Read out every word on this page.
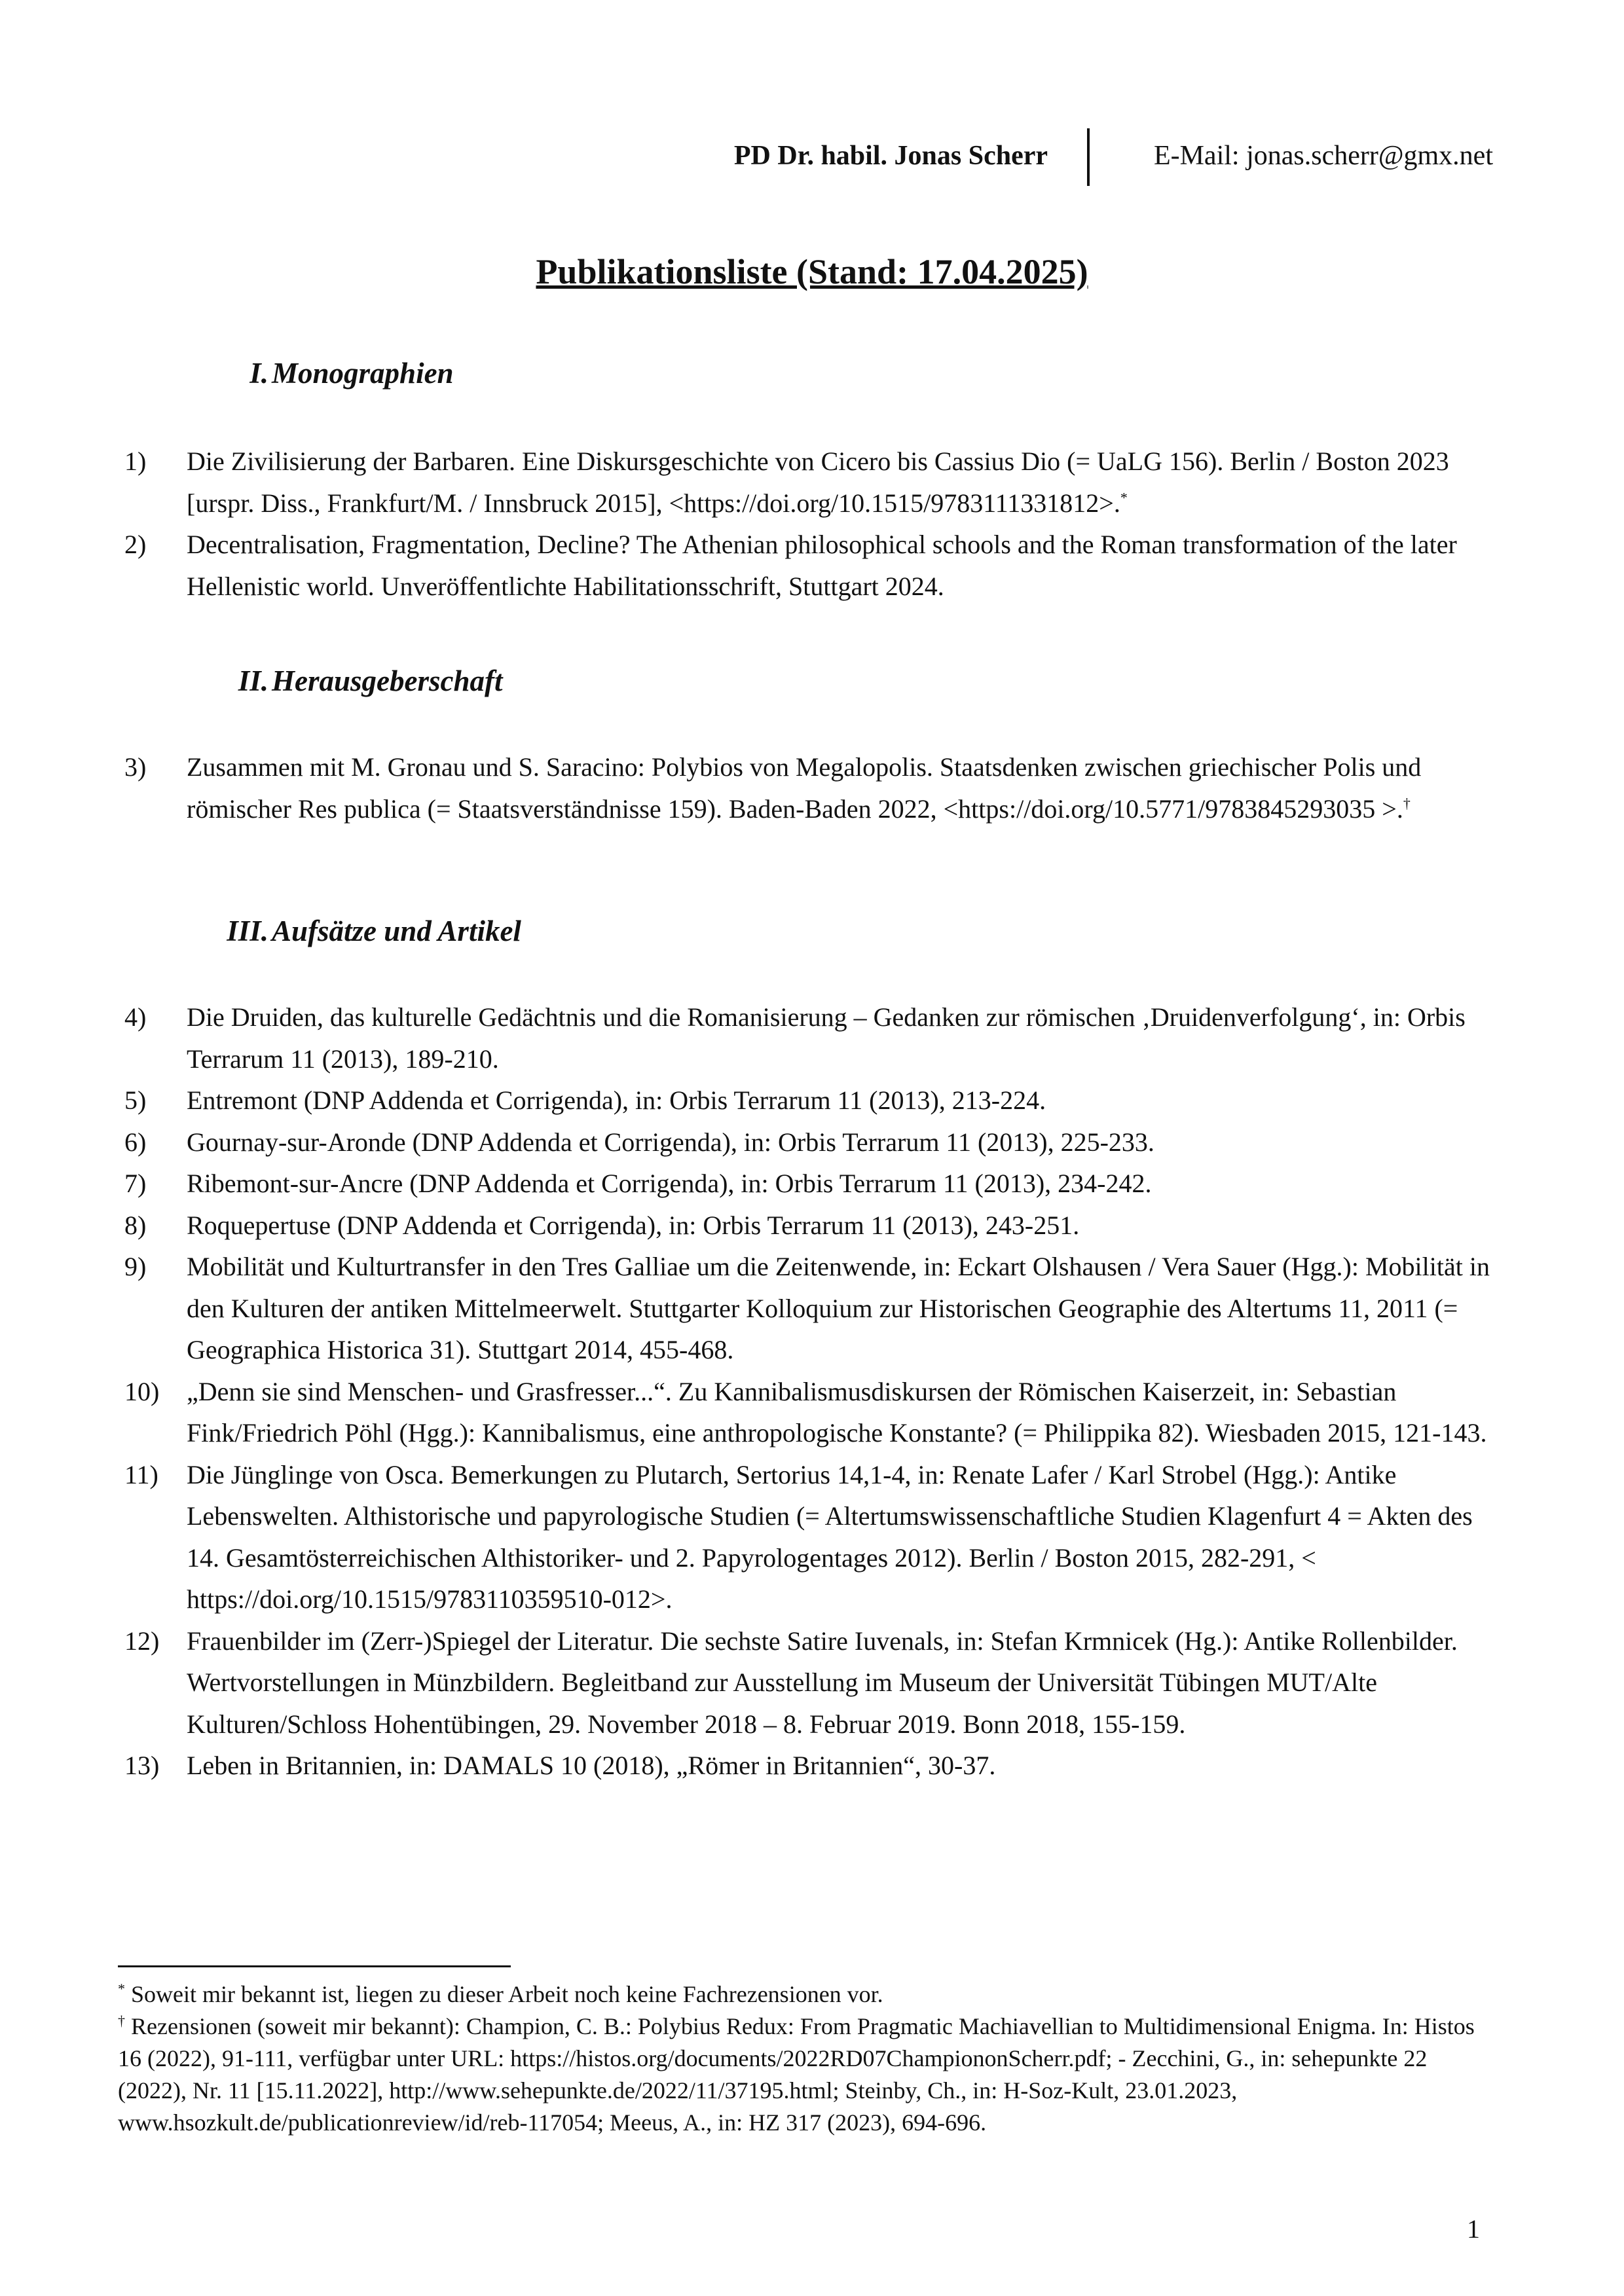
PD Dr. habil. Jonas Scherr	E-Mail: jonas.scherr@gmx.net
Publikationsliste (Stand: 17.04.2025)
I. Monographien
1)	Die Zivilisierung der Barbaren. Eine Diskursgeschichte von Cicero bis Cassius Dio (= UaLG 156). Berlin / Boston 2023 [urspr. Diss., Frankfurt/M. / Innsbruck 2015], <https://doi.org/10.1515/9783111331812>.*
2)	Decentralisation, Fragmentation, Decline? The Athenian philosophical schools and the Roman transformation of the later Hellenistic world. Unveröffentlichte Habilitationsschrift, Stuttgart 2024.
II. Herausgeberschaft
3)	Zusammen mit M. Gronau und S. Saracino: Polybios von Megalopolis. Staatsdenken zwischen griechischer Polis und römischer Res publica (= Staatsverständnisse 159). Baden-Baden 2022, <https://doi.org/10.5771/9783845293035 >.†
III. Aufsätze und Artikel
4)	Die Druiden, das kulturelle Gedächtnis und die Romanisierung – Gedanken zur römischen ‚Druidenverfolgung‘, in: Orbis Terrarum 11 (2013), 189-210.
5)	Entremont (DNP Addenda et Corrigenda), in: Orbis Terrarum 11 (2013), 213-224.
6)	Gournay-sur-Aronde (DNP Addenda et Corrigenda), in: Orbis Terrarum 11 (2013), 225-233.
7)	Ribemont-sur-Ancre (DNP Addenda et Corrigenda), in: Orbis Terrarum 11 (2013), 234-242.
8)	Roquepertuse (DNP Addenda et Corrigenda), in: Orbis Terrarum 11 (2013), 243-251.
9)	Mobilität und Kulturtransfer in den Tres Galliae um die Zeitenwende, in: Eckart Olshausen / Vera Sauer (Hgg.): Mobilität in den Kulturen der antiken Mittelmeerwelt. Stuttgarter Kolloquium zur Historischen Geographie des Altertums 11, 2011 (= Geographica Historica 31). Stuttgart 2014, 455-468.
10)	„Denn sie sind Menschen- und Grasfresser...“. Zu Kannibalismusdiskursen der Römischen Kaiserzeit, in: Sebastian Fink/Friedrich Pöhl (Hgg.): Kannibalismus, eine anthropologische Konstante? (= Philippika 82). Wiesbaden 2015, 121-143.
11)	Die Jünglinge von Osca. Bemerkungen zu Plutarch, Sertorius 14,1-4, in: Renate Lafer / Karl Strobel (Hgg.): Antike Lebenswelten. Althistorische und papyrologische Studien (= Altertumswissenschaftliche Studien Klagenfurt 4 = Akten des 14. Gesamtösterreichischen Althistoriker- und 2. Papyrologentages 2012). Berlin / Boston 2015, 282-291, < https://doi.org/10.1515/9783110359510-012>.
12)	Frauenbilder im (Zerr-)Spiegel der Literatur. Die sechste Satire Iuvenals, in: Stefan Krmnicek (Hg.): Antike Rollenbilder. Wertvorstellungen in Münzbildern. Begleitband zur Ausstellung im Museum der Universität Tübingen MUT/Alte Kulturen/Schloss Hohentübingen, 29. November 2018 – 8. Februar 2019. Bonn 2018, 155-159.
13)	Leben in Britannien, in: DAMALS 10 (2018), „Römer in Britannien“, 30-37.

* Soweit mir bekannt ist, liegen zu dieser Arbeit noch keine Fachrezensionen vor.

† Rezensionen (soweit mir bekannt): Champion, C. B.: Polybius Redux: From Pragmatic Machiavellian to Multidimensional Enigma. In: Histos 16 (2022), 91-111, verfügbar unter URL: https://histos.org/documents/2022RD07ChampiononScherr.pdf; - Zecchini, G., in: sehepunkte 22 (2022), Nr. 11 [15.11.2022], http://www.sehepunkte.de/2022/11/37195.html; Steinby, Ch., in: H-Soz-Kult, 23.01.2023, www.hsozkult.de/publicationreview/id/reb-117054; Meeus, A., in: HZ 317 (2023), 694-696.

1
